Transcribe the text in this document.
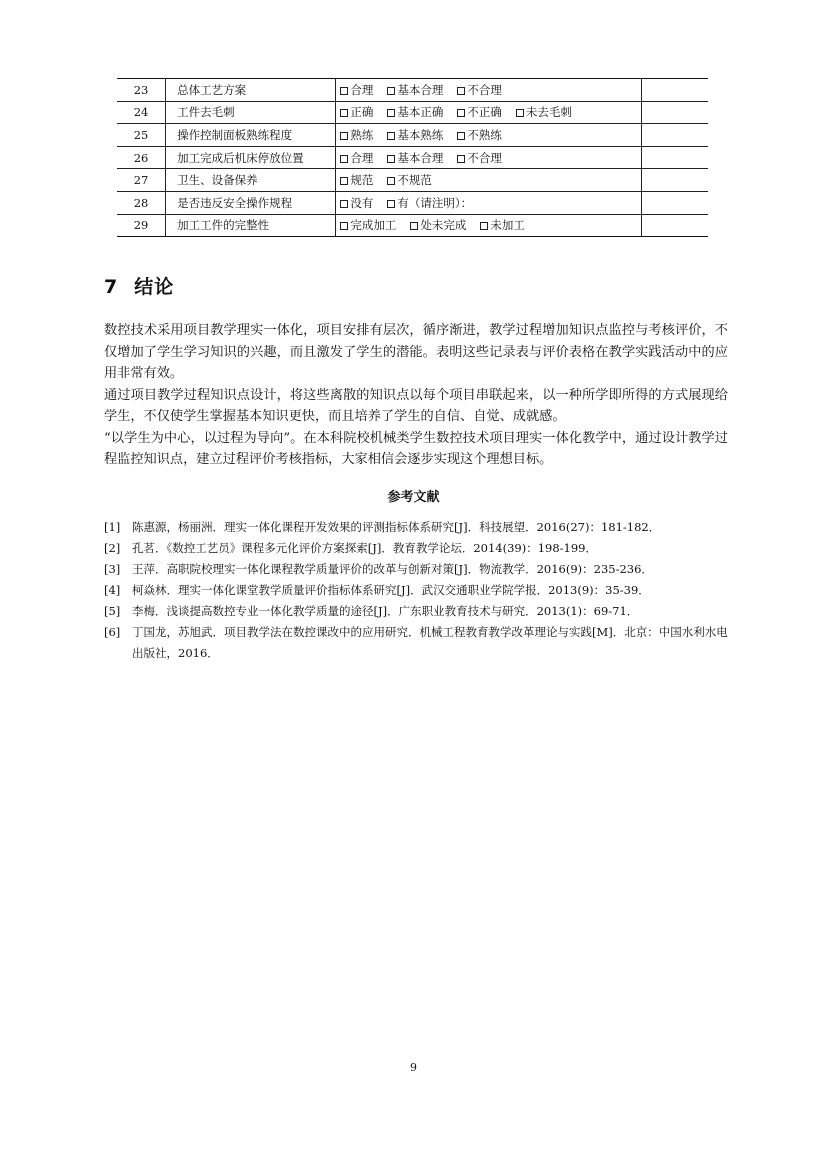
23	总体工艺方案	合理 基本合理 不合理	
24	工件去毛刺	正确 基本正确 不正确 未去毛刺	
25	操作控制面板熟练程度	熟练 基本熟练 不熟练	
26	加工完成后机床停放位置	合理 基本合理 不合理	
27	卫生、设备保养	规范 不规范	
28	是否违反安全操作规程	没有 有（请注明）：	
29	加工工件的完整性	完成加工 处未完成 未加工	
7 结论

数控技术采用项目教学理实一体化，项目安排有层次，循序渐进，教学过程增加知识点监控与考核评价，不仅增加了学生学习知识的兴趣，而且激发了学生的潜能。表明这些记录表与评价表格在教学实践活动中的应用非常有效。

通过项目教学过程知识点设计，将这些离散的知识点以每个项目串联起来，以一种所学即所得的方式展现给学生，不仅使学生掌握基本知识更快，而且培养了学生的自信、自觉、成就感。

“以学生为中心，以过程为导向”。在本科院校机械类学生数控技术项目理实一体化教学中，通过设计教学过程监控知识点，建立过程评价考核指标，大家相信会逐步实现这个理想目标。

参考文献
[1]	陈惠源，杨丽洲．理实一体化课程开发效果的评测指标体系研究[J]．科技展望．2016(27)：181-182．
[2]	孔茗．《数控工艺员》课程多元化评价方案探索[J]．教育教学论坛．2014(39)：198-199．
[3]	王萍．高职院校理实一体化课程教学质量评价的改革与创新对策[J]．物流教学．2016(9)：235-236．
[4]	柯焱林．理实一体化课堂教学质量评价指标体系研究[J]．武汉交通职业学院学报．2013(9)：35-39．
[5]	李梅．浅谈提高数控专业一体化教学质量的途径[J]．广东职业教育技术与研究．2013(1)：69-71．
[6]	丁国龙，苏旭武．项目教学法在数控课改中的应用研究．机械工程教育教学改革理论与实践[M]．北京：中国水利水电出版社，2016．
9
